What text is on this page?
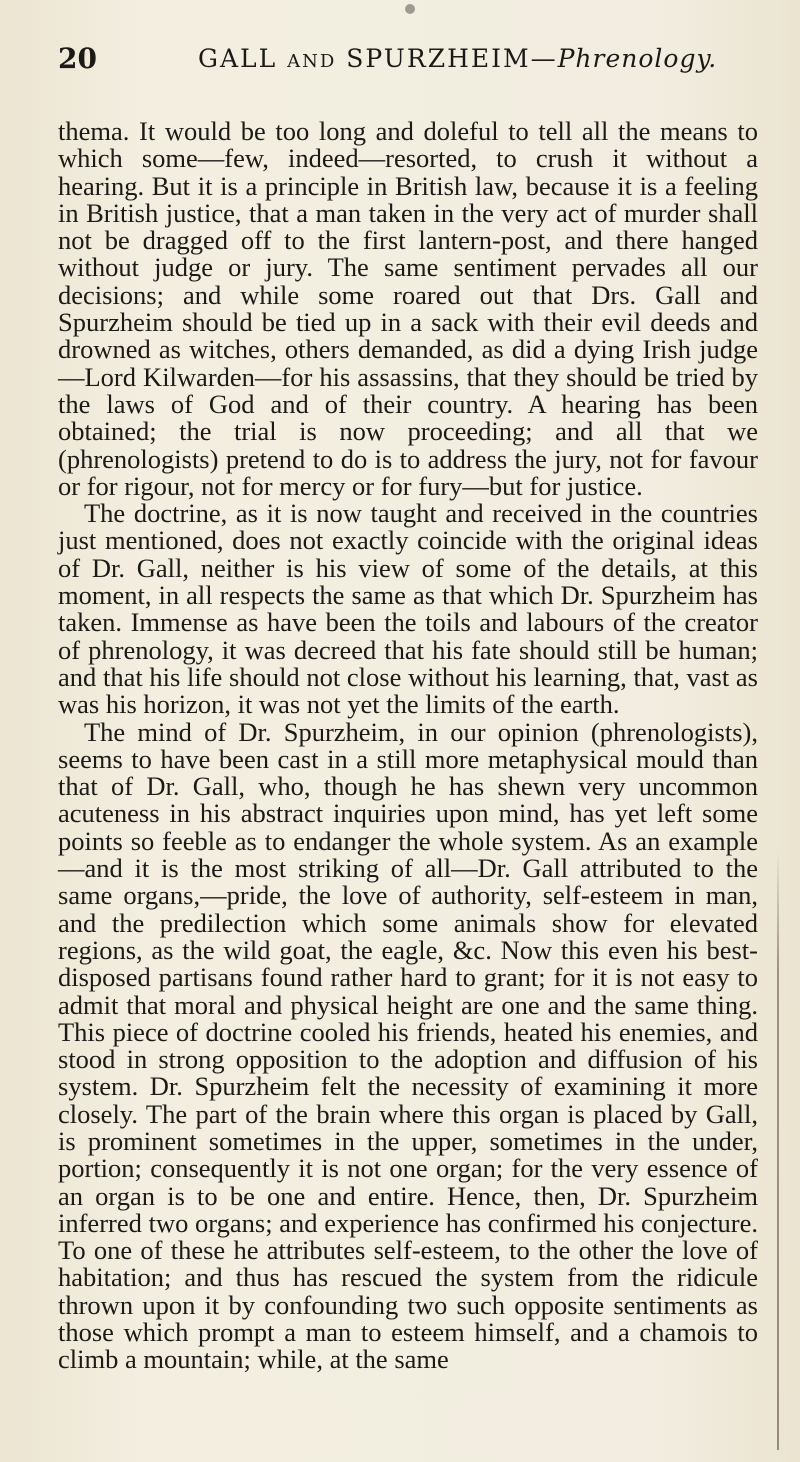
20	GALL and SPURZHEIM—Phrenology.

thema. It would be too long and doleful to tell all the means to which some—few, indeed—resorted, to crush it without a hearing. But it is a principle in British law, because it is a feeling in British justice, that a man taken in the very act of murder shall not be dragged off to the first lantern-post, and there hanged without judge or jury. The same sentiment pervades all our decisions; and while some roared out that Drs. Gall and Spurzheim should be tied up in a sack with their evil deeds and drowned as witches, others demanded, as did a dying Irish judge —Lord Kilwarden—for his assassins, that they should be tried by the laws of God and of their country. A hearing has been obtained; the trial is now proceeding; and all that we (phrenologists) pretend to do is to address the jury, not for favour or for rigour, not for mercy or for fury—but for justice.

The doctrine, as it is now taught and received in the countries just mentioned, does not exactly coincide with the original ideas of Dr. Gall, neither is his view of some of the details, at this moment, in all respects the same as that which Dr. Spurzheim has taken. Immense as have been the toils and labours of the creator of phrenology, it was decreed that his fate should still be human; and that his life should not close without his learning, that, vast as was his horizon, it was not yet the limits of the earth.

The mind of Dr. Spurzheim, in our opinion (phrenologists), seems to have been cast in a still more metaphysical mould than that of Dr. Gall, who, though he has shewn very uncommon acuteness in his abstract inquiries upon mind, has yet left some points so feeble as to endanger the whole system. As an example—and it is the most striking of all—Dr. Gall attributed to the same organs,—pride, the love of authority, self-esteem in man, and the predilection which some animals show for elevated regions, as the wild goat, the eagle, &c. Now this even his best-disposed partisans found rather hard to grant; for it is not easy to admit that moral and physical height are one and the same thing. This piece of doctrine cooled his friends, heated his enemies, and stood in strong opposition to the adoption and diffusion of his system. Dr. Spurzheim felt the necessity of examining it more closely. The part of the brain where this organ is placed by Gall, is prominent sometimes in the upper, sometimes in the under, portion; consequently it is not one organ; for the very essence of an organ is to be one and entire. Hence, then, Dr. Spurzheim inferred two organs; and experience has confirmed his conjecture. To one of these he attributes self-esteem, to the other the love of habitation; and thus has rescued the system from the ridicule thrown upon it by confounding two such opposite sentiments as those which prompt a man to esteem himself, and a chamois to climb a mountain; while, at the same
